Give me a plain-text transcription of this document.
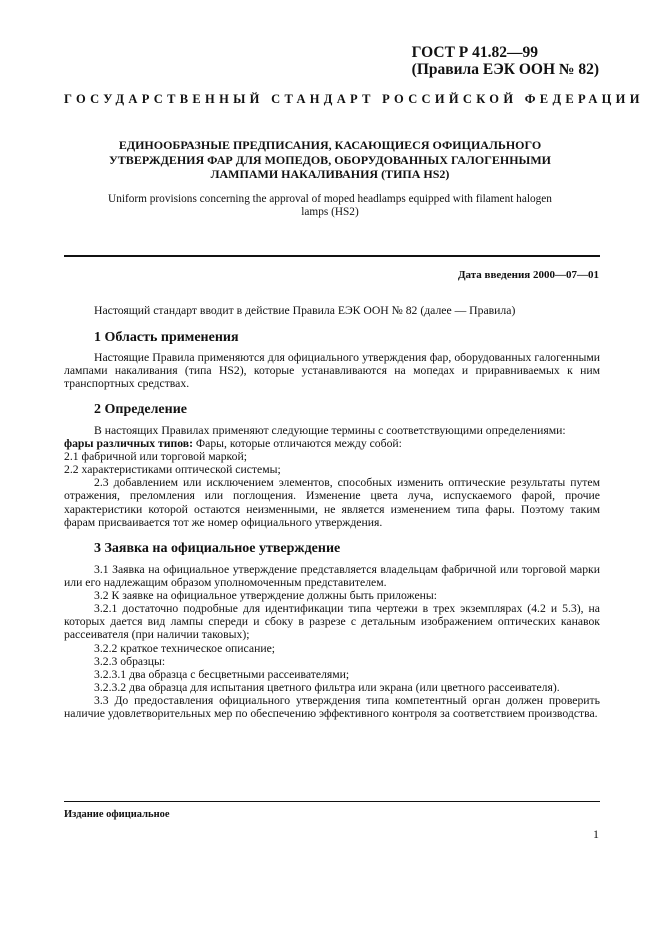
ГОСТ Р 41.82—99
(Правила ЕЭК ООН № 82)
ГОСУДАРСТВЕННЫЙ СТАНДАРТ РОССИЙСКОЙ ФЕДЕРАЦИИ
ЕДИНООБРАЗНЫЕ ПРЕДПИСАНИЯ, КАСАЮЩИЕСЯ ОФИЦИАЛЬНОГО УТВЕРЖДЕНИЯ ФАР ДЛЯ МОПЕДОВ, ОБОРУДОВАННЫХ ГАЛОГЕННЫМИ ЛАМПАМИ НАКАЛИВАНИЯ (ТИПА HS2)
Uniform provisions concerning the approval of moped headlamps equipped with filament halogen lamps (HS2)
Дата введения 2000—07—01

Настоящий стандарт вводит в действие Правила ЕЭК ООН № 82 (далее — Правила)

1 Область применения

Настоящие Правила применяются для официального утверждения фар, оборудованных галогенными лампами накаливания (типа HS2), которые устанавливаются на мопедах и приравниваемых к ним транспортных средствах.

2 Определение

В настоящих Правилах применяют следующие термины с соответствующими определениями:

фары различных типов: Фары, которые отличаются между собой:

2.1 фабричной или торговой маркой;

2.2 характеристиками оптической системы;

2.3 добавлением или исключением элементов, способных изменить оптические результаты путем отражения, преломления или поглощения. Изменение цвета луча, испускаемого фарой, прочие характеристики которой остаются неизменными, не является изменением типа фары. Поэтому таким фарам присваивается тот же номер официального утверждения.

3 Заявка на официальное утверждение

3.1 Заявка на официальное утверждение представляется владельцам фабричной или торговой марки или его надлежащим образом уполномоченным представителем.

3.2 К заявке на официальное утверждение должны быть приложены:

3.2.1 достаточно подробные для идентификации типа чертежи в трех экземплярах (4.2 и 5.3), на которых дается вид лампы спереди и сбоку в разрезе с детальным изображением оптических канавок рассеивателя (при наличии таковых);

3.2.2 краткое техническое описание;

3.2.3 образцы:

3.2.3.1 два образца с бесцветными рассеивателями;

3.2.3.2 два образца для испытания цветного фильтра или экрана (или цветного рассеивателя).

3.3 До предоставления официального утверждения типа компетентный орган должен проверить наличие удовлетворительных мер по обеспечению эффективного контроля за соответствием производства.

Издание официальное
1
